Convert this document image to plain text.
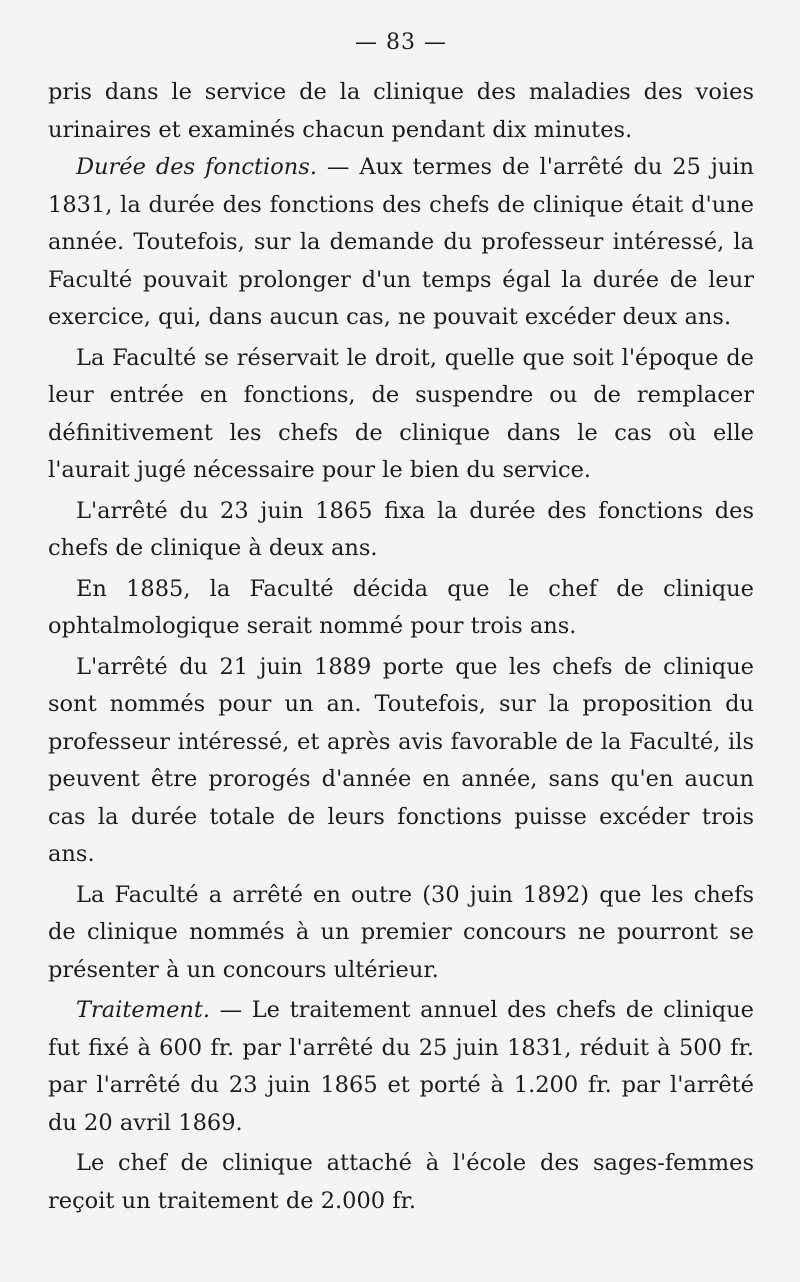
— 83 —

pris dans le service de la clinique des maladies des voies urinaires et examinés chacun pendant dix minutes.

Durée des fonctions. — Aux termes de l'arrêté du 25 juin 1831, la durée des fonctions des chefs de clinique était d'une année. Toutefois, sur la demande du professeur intéressé, la Faculté pouvait prolonger d'un temps égal la durée de leur exercice, qui, dans aucun cas, ne pouvait excéder deux ans.

La Faculté se réservait le droit, quelle que soit l'époque de leur entrée en fonctions, de suspendre ou de remplacer définitivement les chefs de clinique dans le cas où elle l'aurait jugé nécessaire pour le bien du service.

L'arrêté du 23 juin 1865 fixa la durée des fonctions des chefs de clinique à deux ans.

En 1885, la Faculté décida que le chef de clinique ophtalmologique serait nommé pour trois ans.

L'arrêté du 21 juin 1889 porte que les chefs de clinique sont nommés pour un an. Toutefois, sur la proposition du professeur intéressé, et après avis favorable de la Faculté, ils peuvent être prorogés d'année en année, sans qu'en aucun cas la durée totale de leurs fonctions puisse excéder trois ans.

La Faculté a arrêté en outre (30 juin 1892) que les chefs de clinique nommés à un premier concours ne pourront se présenter à un concours ultérieur.

Traitement. — Le traitement annuel des chefs de clinique fut fixé à 600 fr. par l'arrêté du 25 juin 1831, réduit à 500 fr. par l'arrêté du 23 juin 1865 et porté à 1.200 fr. par l'arrêté du 20 avril 1869.

Le chef de clinique attaché à l'école des sages-femmes reçoit un traitement de 2.000 fr.
